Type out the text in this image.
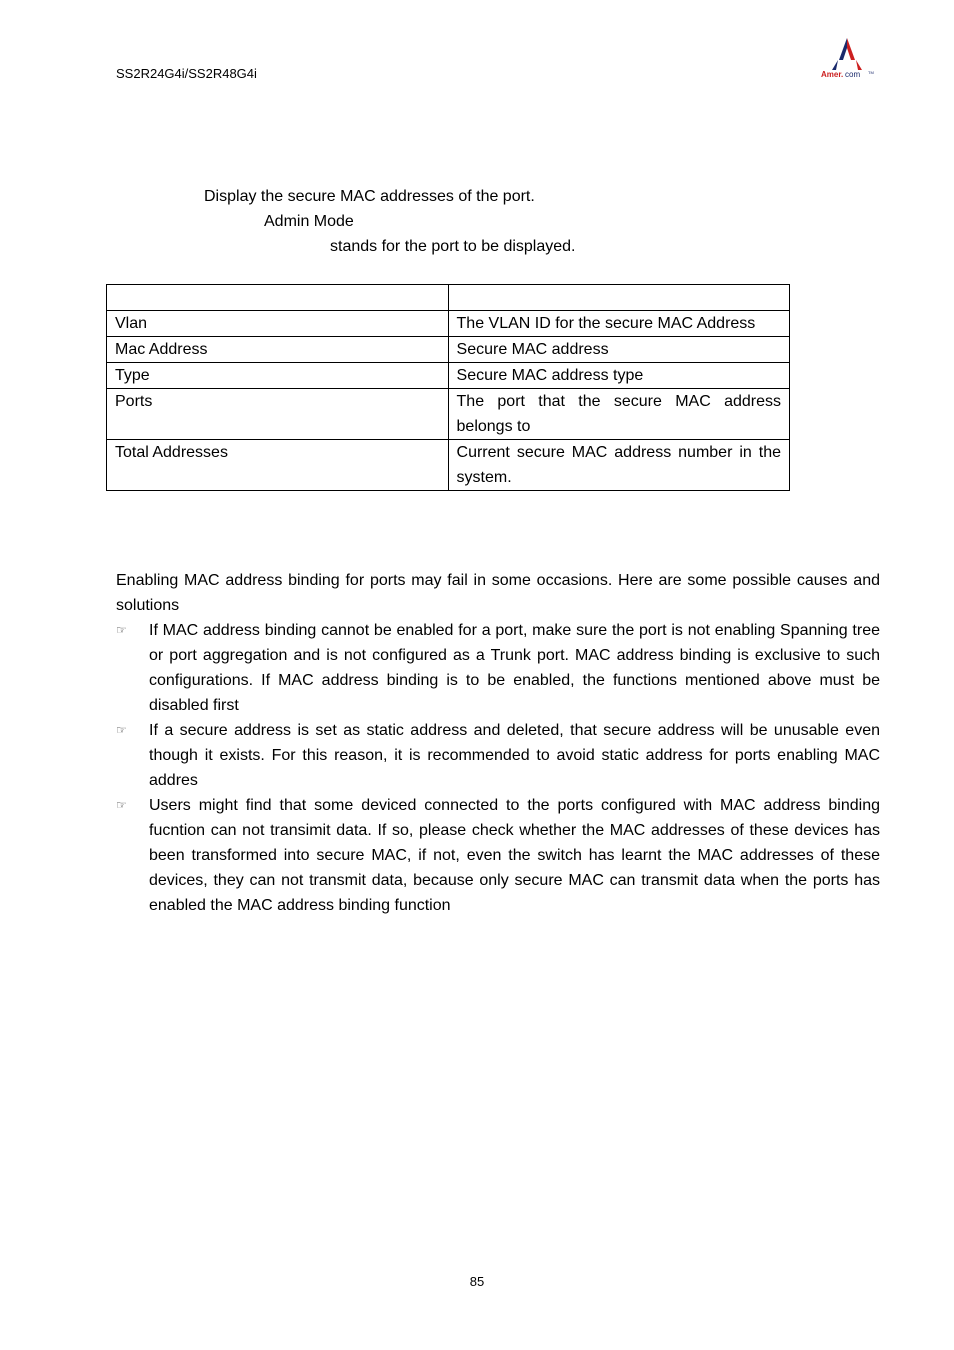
SS2R24G4i/SS2R48G4i	Amer. com TM
Display the secure MAC addresses of the port.
Admin Mode
stands for the port to be displayed.

Vlan	The VLAN ID for the secure MAC Address
Mac Address	Secure MAC address
Type	Secure MAC address type
Ports	The port that the secure MAC address belongs to
Total Addresses	Current secure MAC address number in the system.
Enabling MAC address binding for ports may fail in some occasions. Here are some possible causes and solutions
☞ If MAC address binding cannot be enabled for a port, make sure the port is not enabling Spanning tree or port aggregation and is not configured as a Trunk port. MAC address binding is exclusive to such configurations. If MAC address binding is to be enabled, the functions mentioned above must be disabled first
☞ If a secure address is set as static address and deleted, that secure address will be unusable even though it exists. For this reason, it is recommended to avoid static address for ports enabling MAC addres
☞ Users might find that some deviced connected to the ports configured with MAC address binding fucntion can not transimit data. If so, please check whether the MAC addresses of these devices has been transformed into secure MAC, if not, even the switch has learnt the MAC addresses of these devices, they can not transmit data, because only secure MAC can transmit data when the ports has enabled the MAC address binding function
85
